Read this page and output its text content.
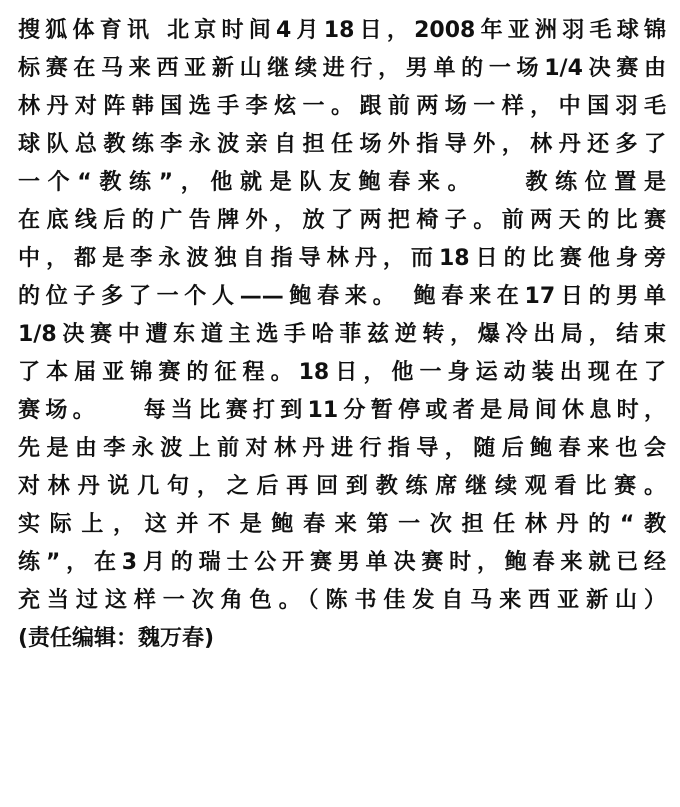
搜狐体育讯 北京时间4月18日，2008年亚洲羽毛球锦
标赛在马来西亚新山继续进行，男单的一场1/4决赛由
林丹对阵韩国选手李炫一。跟前两场一样，中国羽毛
球队总教练李永波亲自担任场外指导外，林丹还多了
一个“教练”，他就是队友鲍春来。　　教练位置是
在底线后的广告牌外，放了两把椅子。前两天的比赛
中，都是李永波独自指导林丹，而18日的比赛他身旁
的位子多了一个人——鲍春来。 鲍春来在17日的男单
1/8决赛中遭东道主选手哈菲兹逆转，爆冷出局，结束
了本届亚锦赛的征程。18日，他一身运动装出现在了
赛场。　　每当比赛打到11分暂停或者是局间休息时，
先是由李永波上前对林丹进行指导，随后鲍春来也会
对林丹说几句，之后再回到教练席继续观看比赛。
实际上，这并不是鲍春来第一次担任林丹的“教
练”，在3月的瑞士公开赛男单决赛时，鲍春来就已经
充当过这样一次角色。（陈书佳发自马来西亚新山）
(责任编辑：魏万春)
